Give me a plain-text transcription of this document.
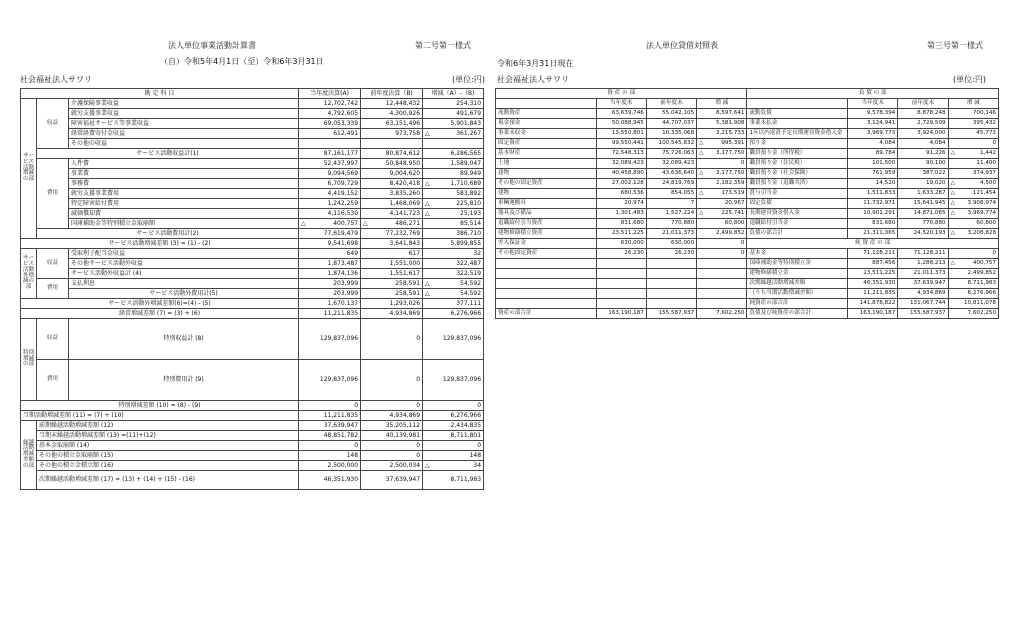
法人単位事業活動計算書	第二号第一様式
（自）令和5年4月1日（至）令和6年3月31日
社会福祉法人サワリ	(単位:円)
法人単位貸借対照表	第三号第一様式
令和6年3月31日現在
社会福祉法人サワリ	(単位:円)
勘 定 科 目			当年度決算(A)	前年度決算（B)	増減（A）-（B)
サービス活動増減の部	収益	介護保険事業収益	12,702,742	12,448,432	254,310
		就労支援事業収益	4,792,605	4,300,926	491,679
		障害福祉サービス等事業収益	69,053,339	63,151,496	5,901,843
		経常経費寄付金収益	612,491	973,758	△ 361,267
		その他の収益			
	サービス活動収益計(1)		87,161,177	80,874,612	6,286,565
	費用	人件費	52,437,997	50,848,950	1,589,047
		事業費	9,094,569	9,004,620	89,949
		事務費	6,709,729	8,420,418	△ 1,710,689
		就労支援事業費用	4,419,152	3,835,260	583,892
		特定障害給付費用	1,242,259	1,468,069	△ 225,810
		減価償却費	4,116,530	4,141,723	△ 25,193
		国庫補助金等特別積立金取崩額	△ 400,757	△ 486,271	85,514
	サービス活動費用計(2)		77,619,479	77,232,769	386,710
サービス活動増減差額 (3) = (1) - (2)			9,541,698	3,641,843	5,899,855
サービス活動外増減の部	収益	受取利子配当金収益	649	617	32
		その他サービス活動外収益	1,873,487	1,551,000	322,487
		サービス活動外収益計 (4)	1,874,136	1,551,617	322,519
	費用	支払利息	203,999	258,591	△ 54,592
		サービス活動外費用計(5)	203,999	258,591	△ 54,592
サービス活動外増減差額(6)=(4) - (5)			1,670,137	1,293,026	377,111
経常増減差額 (7) = (3) + (6)			11,211,835	4,934,869	6,276,966
特別増減の部	収益	特別収益計 (8)	129,837,096	0	129,837,096
	費用	特別費用計 (9)	129,837,096	0	129,837,096
特別増減差額 (10) = (8) - (9)			0	0	0
当期活動増減差額 (11) = (7) + (10)			11,211,835	4,934,869	6,276,966
繰越活動増減差額の部	前期繰越活動増減差額 (12)		37,639,947	35,205,112	2,434,835
	当期末繰越活動増減差額 (13) =(11)+(12)		48,851,782	40,139,981	8,711,801
	基本金取崩額 (14)		0	0	0
	その他の積立金取崩額 (15)		148	0	148
	その他の積立金積立額 (16)		2,500,000	2,500,034	△ 34
	次期繰越活動増減差額 (17) = (13) + (14) + (15) - (16)		46,351,930	37,639,947	8,711,983
資 産 の 部				負 債 の 部			
	当年度末	前年度末	増 減		当年度末	前年度末	増 減
流動資産	63,639,746	55,042,105	8,597,641	流動負債	9,578,394	8,878,248	700,146
現金預金	50,088,945	44,707,037	5,381,908	事業未払金	3,124,941	2,729,509	395,432
事業未収金	13,550,801	10,335,068	3,215,733	1年以内返済予定長期運営資金借入金	3,969,773	3,924,000	45,773
固定資産	99,550,441	100,545,832	△ 995,391	預り金	4,084	4,084	0
基本財産	72,548,313	75,726,063	△ 3,177,750	職員預り金（所得税）	89,784	91,226	△ 1,442
土地	32,089,423	32,089,423	0	職員預り金（住民税）	101,500	90,100	11,400
建物	40,458,890	43,636,640	△ 3,177,750	職員預り金（社会保険）	761,959	387,022	374,937
その他の固定資産	27,002,128	24,819,769	2,182,359	職員預り金（退職共済）	14,520	19,020	△ 4,500
建物	680,536	854,055	△ 173,519	賞与引当金	1,511,833	1,633,287	△ 121,454
車輌運搬具	20,974	7	20,967	固定負債	11,732,971	15,641,945	△ 3,908,974
器具及び備品	1,301,483	1,527,224	△ 225,741	長期運営資金借入金	10,901,291	14,871,065	△ 3,969,774
退職給付引当資産	831,680	770,880	60,800	退職給付引当金	831,680	770,880	60,800
建物修繕積立資産	23,511,225	21,011,373	2,499,852	負債の部合計	21,311,365	24,520,193	△ 3,208,828
差入保証金	630,000	630,000	0	純 資 産 の 部			
その他固定資産	26,230	26,230	0	基本金	71,128,211	71,128,211	0
				国庫補助金等特別積立金	887,456	1,288,213	△ 400,757
				建物修繕積立金	23,511,225	21,011,373	2,499,852
				次期繰越活動増減差額	46,351,930	37,639,947	8,711,983
				（うち当期活動増減差額）	11,211,835	4,934,869	6,276,966
				純資産の部合計	141,878,822	131,067,744	10,811,078
資産の部合計	163,190,187	155,587,937	7,602,250	負債及び純資産の部合計	163,190,187	155,587,937	7,602,250
